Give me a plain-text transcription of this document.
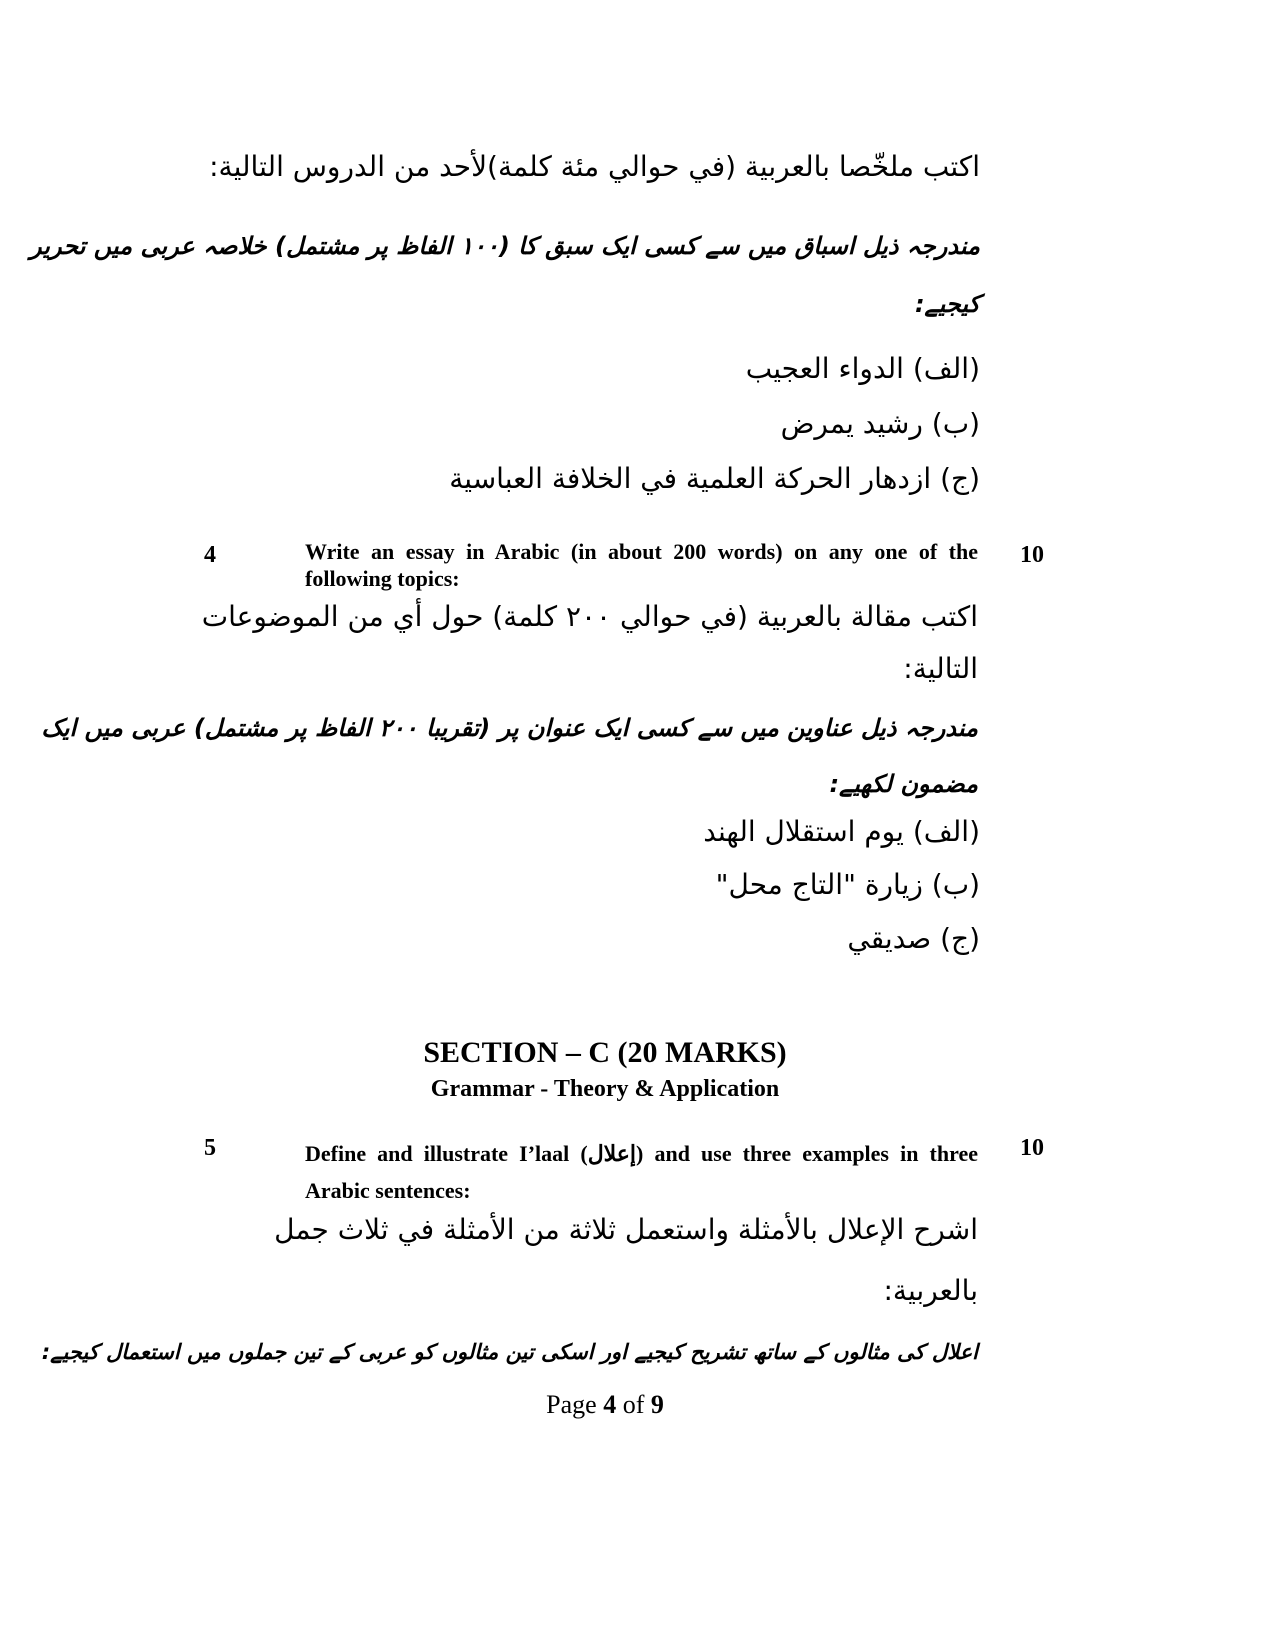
اكتب ملخّصا بالعربية (في حوالي مئة كلمة)لأحد من الدروس التالية:
مندرجہ ذیل اسباق میں سے کسی ایک سبق کا (۱۰۰ الفاظ پر مشتمل) خلاصہ عربی میں تحریر
کیجیے:
(الف) الدواء العجيب
(ب) رشيد يمرض
(ج) ازدهار الحركة العلمية في الخلافة العباسية
4	10
Write an essay in Arabic (in about 200 words) on any one of the
following topics:
اكتب مقالة بالعربية (في حوالي ٢٠٠ كلمة) حول أي من الموضوعات
التالية:
مندرجہ ذیل عناوین میں سے کسی ایک عنوان پر (تقریبا ۲۰۰ الفاظ پر مشتمل) عربی میں ایک
مضمون لکھیے:
(الف) يوم استقلال الهند
(ب) زيارة "التاج محل"
(ج) صديقي
SECTION – C (20 MARKS)
Grammar - Theory & Application
5	10
Define and illustrate I’laal (إعلال) and use three examples in three
Arabic sentences:
اشرح الإعلال بالأمثلة واستعمل ثلاثة من الأمثلة في ثلاث جمل
بالعربية:
اعلال کی مثالوں کے ساتھ تشریح کیجیے اور اسکی تین مثالوں کو عربی کے تین جملوں میں استعمال کیجیے:
Page 4 of 9
